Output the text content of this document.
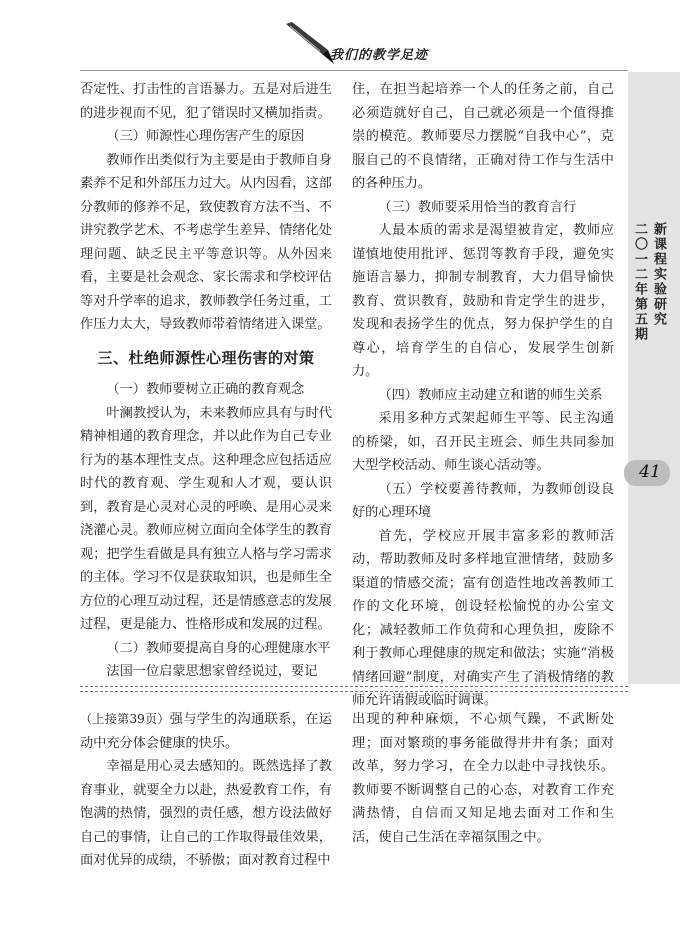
我们的教学足迹
新课程实验研究
二〇一二年第五期
41

否定性、打击性的言语暴力。五是对后进生的进步视而不见，犯了错误时又横加指责。

（三）师源性心理伤害产生的原因

教师作出类似行为主要是由于教师自身素养不足和外部压力过大。从内因看，这部分教师的修养不足，致使教育方法不当、不讲究教学艺术、不考虑学生差异、情绪化处理问题、缺乏民主平等意识等。从外因来看，主要是社会观念、家长需求和学校评估等对升学率的追求，教师教学任务过重，工作压力太大，导致教师带着情绪进入课堂。

三、杜绝师源性心理伤害的对策

（一）教师要树立正确的教育观念

叶澜教授认为，未来教师应具有与时代精神相通的教育理念，并以此作为自己专业行为的基本理性支点。这种理念应包括适应时代的教育观、学生观和人才观，要认识到，教育是心灵对心灵的呼唤、是用心灵来浇灌心灵。教师应树立面向全体学生的教育观；把学生看做是具有独立人格与学习需求的主体。学习不仅是获取知识，也是师生全方位的心理互动过程，还是情感意志的发展过程，更是能力、性格形成和发展的过程。

（二）教师要提高自身的心理健康水平

法国一位启蒙思想家曾经说过，要记

住，在担当起培养一个人的任务之前，自己必须造就好自己，自己就必须是一个值得推崇的模范。教师要尽力摆脱“自我中心”，克服自己的不良情绪，正确对待工作与生活中的各种压力。

（三）教师要采用恰当的教育言行

人最本质的需求是渴望被肯定，教师应谨慎地使用批评、惩罚等教育手段，避免实施语言暴力，抑制专制教育，大力倡导愉快教育、赏识教育，鼓励和肯定学生的进步，发现和表扬学生的优点，努力保护学生的自尊心，培育学生的自信心，发展学生创新力。

（四）教师应主动建立和谐的师生关系

采用多种方式架起师生平等、民主沟通的桥梁，如，召开民主班会、师生共同参加大型学校活动、师生谈心活动等。

（五）学校要善待教师，为教师创设良好的心理环境

首先，学校应开展丰富多彩的教师活动，帮助教师及时多样地宣泄情绪，鼓励多渠道的情感交流；富有创造性地改善教师工作的文化环境，创设轻松愉悦的办公室文化；减轻教师工作负荷和心理负担，废除不利于教师心理健康的规定和做法；实施“消极情绪回避”制度，对确实产生了消极情绪的教师允许请假或临时调课。

（上接第39页）强与学生的沟通联系，在运动中充分体会健康的快乐。

幸福是用心灵去感知的。既然选择了教育事业，就要全力以赴，热爱教育工作，有饱满的热情，强烈的责任感，想方设法做好自己的事情，让自己的工作取得最佳效果，面对优异的成绩，不骄傲；面对教育过程中

出现的种种麻烦，不心烦气躁，不武断处理；面对繁琐的事务能做得井井有条；面对改革，努力学习，在全力以赴中寻找快乐。教师要不断调整自己的心态，对教育工作充满热情，自信而又知足地去面对工作和生活，使自己生活在幸福氛围之中。
